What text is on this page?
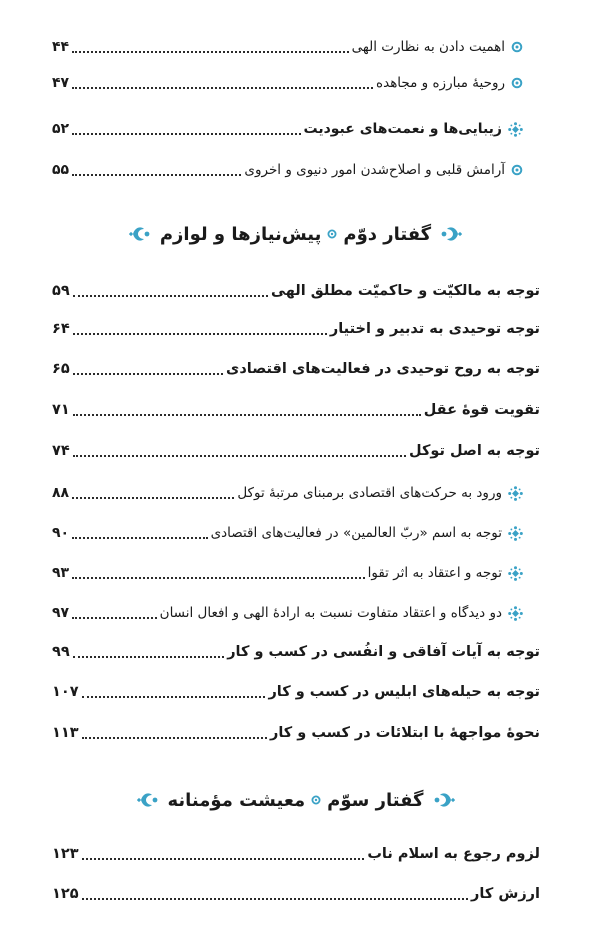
اهمیت دادن به نظارت الهی
۴۴
روحیهٔ مبارزه و مجاهده
۴۷
زیبایی‌ها و نعمت‌های عبودیت
۵۲
آرامش قلبی و اصلاح‌شدن امور دنیوی و اخروی
۵۵
گفتار دوّم
پیش‌نیازها و لوازم
توجه به مالکیّت و حاکمیّت مطلق الهی
۵۹
توجه توحیدی به تدبیر و اختیار
۶۴
توجه به روح توحیدی در فعالیت‌های اقتصادی
۶۵
تقویت قوهٔ عقل
۷۱
توجه به اصل توکل
۷۴
ورود به حرکت‌های اقتصادی برمبنای مرتبهٔ توکل
۸۸
توجه به اسم «ربّ العالمین» در فعالیت‌های اقتصادی
۹۰
توجه و اعتقاد به اثر تقوا
۹۳
دو دیدگاه و اعتقاد متفاوت نسبت به ارادهٔ الهی و افعال انسان
۹۷
توجه به آیات آفاقی و انفُسی در کسب و کار
۹۹
توجه به حیله‌های ابلیس در کسب و کار
۱۰۷
نحوهٔ مواجههٔ با ابتلائات در کسب و کار
۱۱۳
گفتار سوّم
معیشت مؤمنانه
لزوم رجوع به اسلام ناب
۱۲۳
ارزش کار
۱۲۵
